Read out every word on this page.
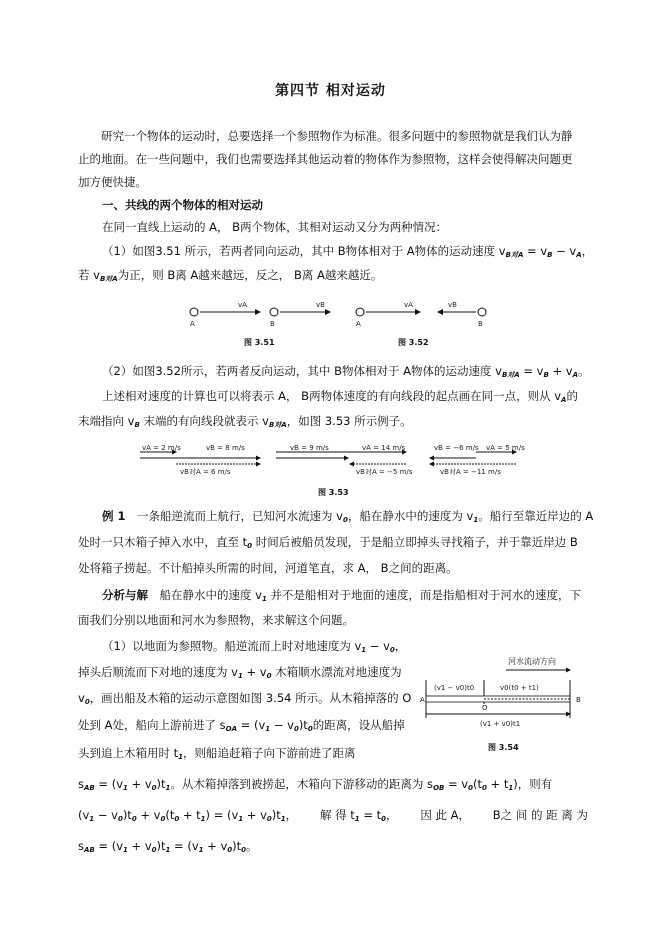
第四节 相对运动
  研究一个物体的运动时，总要选择一个参照物作为标准。很多问题中的参照物就是我们认为静
止的地面。在一些问题中，我们也需要选择其他运动着的物体作为参照物，这样会使得解决问题更
加方便快捷。
一、共线的两个物体的相对运动
在同一直线上运动的 A， B两个物体，其相对运动又分为两种情况：
（1）如图3.51 所示，若两者同向运动，其中 B物体相对于 A物体的运动速度 $v_{B对A} = v_B - v_A$，
若 $v_{B对A}$为正，则 B离 A越来越远，反之， B离 A越来越近。
vA	vB
A	B
vA	vB
A	B
图 3.51	图 3.52
（2）如图3.52所示，若两者反向运动，其中 B物体相对于 A物体的运动速度 $v_{B对A} = v_B + v_A$。
上述相对速度的计算也可以将表示 A， B两物体速度的有向线段的起点画在同一点，则从 $v_A$的
末端指向 $v_B$ 末端的有向线段就表示 $v_{B对A}$，如图 3.53 所示例子。
vA = 2 m/s	vB = 8 m/s
vB对A = 6 m/s
vB = 9 m/s	vA = 14 m/s
vB对A = −5 m/s
vB = −6 m/s vA = 5 m/s
vB对A = −11 m/s
图 3.53
例 1  一条船逆流而上航行，已知河水流速为 $v_0$，船在静水中的速度为 $v_1$。船行至靠近岸边的 A
处时一只木箱子掉入水中，直至 $t_0$ 时间后被船员发现，于是船立即掉头寻找箱子，并于靠近岸边 B
处将箱子捞起。不计船掉头所需的时间，河道笔直，求 A， B之间的距离。
分析与解  船在静水中的速度 $v_1$ 并不是船相对于地面的速度，而是指船相对于河水的速度，下
面我们分别以地面和河水为参照物，来求解这个问题。
（1）以地面为参照物。船逆流而上时对地速度为 $v_1 - v_0$，
掉头后顺流而下对地的速度为 $v_1 + v_0$ 木箱顺水漂流对地速度为
$v_0$，画出船及木箱的运动示意图如图 3.54 所示。从木箱掉落的 O
处到 A处，船向上游前进了 $s_{OA} = (v_1 - v_0)t_0$的距离，设从船掉
头到追上木箱用时 $t_1$，则船追赶箱子向下游前进了距离
$s_{AB} = (v_1 + v_0)t_1$。从木箱掉落到被捞起，木箱向下游移动的距离为 $s_{OB} = v_0(t_0 + t_1)$，则有
$(v_1 - v_0)t_0 + v_0(t_0 + t_1) = (v_1 + v_0)t_1$， 解 得 $t_1 = t_0$， 因 此 A， B之 间 的 距 离 为
$s_{AB} = (v_1 + v_0)t_1 = (v_1 + v_0)t_0$。
河水流动方向
(v1 − v0)t0	v0(t0 + t1)
A
O
B
(v1 + v0)t1
图 3.54
